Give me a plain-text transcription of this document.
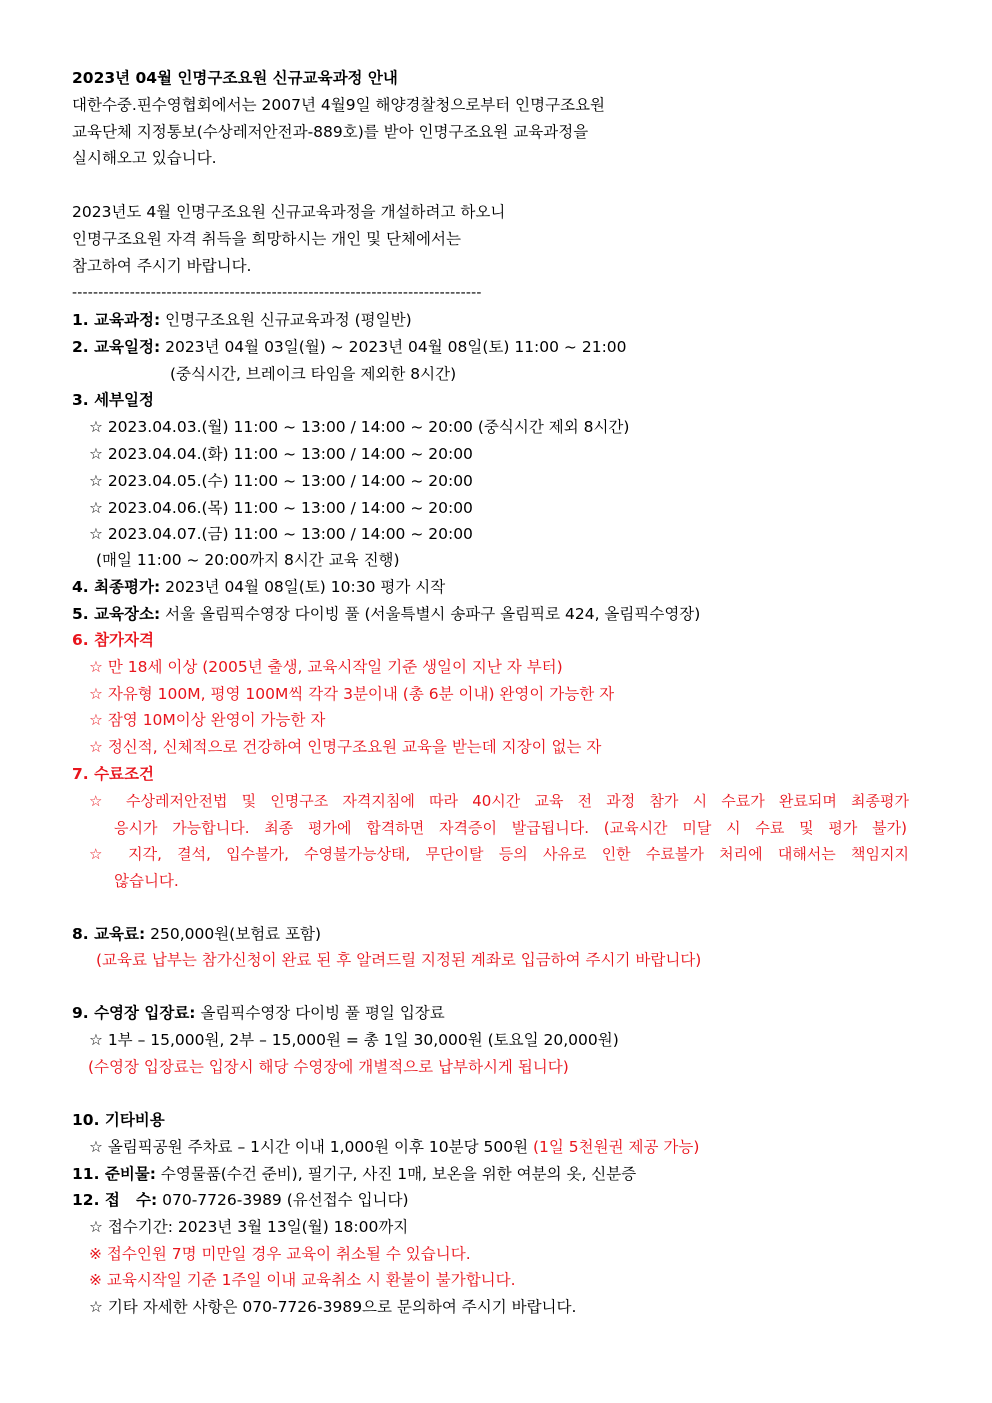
2023년 04월 인명구조요원 신규교육과정 안내
대한수중.핀수영협회에서는 2007년 4월9일 해양경찰청으로부터 인명구조요원
교육단체 지정통보(수상레저안전과-889호)를 받아 인명구조요원 교육과정을
실시해오고 있습니다.
2023년도 4월 인명구조요원 신규교육과정을 개설하려고 하오니
인명구조요원 자격 취득을 희망하시는 개인 및 단체에서는
참고하여 주시기 바랍니다.
------------------------------------------------------------------------------
1. 교육과정: 인명구조요원 신규교육과정 (평일반)
2. 교육일정: 2023년 04월 03일(월) ~ 2023년 04월 08일(토) 11:00 ~ 21:00
(중식시간, 브레이크 타임을 제외한 8시간)
3. 세부일정
☆ 2023.04.03.(월) 11:00 ~ 13:00 / 14:00 ~ 20:00 (중식시간 제외 8시간)
☆ 2023.04.04.(화) 11:00 ~ 13:00 / 14:00 ~ 20:00
☆ 2023.04.05.(수) 11:00 ~ 13:00 / 14:00 ~ 20:00
☆ 2023.04.06.(목) 11:00 ~ 13:00 / 14:00 ~ 20:00
☆ 2023.04.07.(금) 11:00 ~ 13:00 / 14:00 ~ 20:00
(매일 11:00 ~ 20:00까지 8시간 교육 진행)
4. 최종평가: 2023년 04월 08일(토) 10:30 평가 시작
5. 교육장소: 서울 올림픽수영장 다이빙 풀 (서울특별시 송파구 올림픽로 424, 올림픽수영장)
6. 참가자격
☆ 만 18세 이상 (2005년 출생, 교육시작일 기준 생일이 지난 자 부터)
☆ 자유형 100M, 평영 100M씩 각각 3분이내 (총 6분 이내) 완영이 가능한 자
☆ 잠영 10M이상 완영이 가능한 자
☆ 정신적, 신체적으로 건강하여 인명구조요원 교육을 받는데 지장이 없는 자
7. 수료조건
☆ 수상레저안전법 및 인명구조 자격지침에 따라 40시간 교육 전 과정 참가 시 수료가 완료되며 최종평가
응시가 가능합니다. 최종 평가에 합격하면 자격증이 발급됩니다. (교육시간 미달 시 수료 및 평가 불가)
☆ 지각, 결석, 입수불가, 수영불가능상태, 무단이탈 등의 사유로 인한 수료불가 처리에 대해서는 책임지지
않습니다.
8. 교육료: 250,000원(보험료 포함)
(교육료 납부는 참가신청이 완료 된 후 알려드릴 지정된 계좌로 입금하여 주시기 바랍니다)
9. 수영장 입장료: 올림픽수영장 다이빙 풀 평일 입장료
☆ 1부 – 15,000원, 2부 – 15,000원 = 총 1일 30,000원 (토요일 20,000원)
(수영장 입장료는 입장시 해당 수영장에 개별적으로 납부하시게 됩니다)
10. 기타비용
☆ 올림픽공원 주차료 – 1시간 이내 1,000원 이후 10분당 500원 (1일 5천원권 제공 가능)
11. 준비물: 수영물품(수건 준비), 필기구, 사진 1매, 보온을 위한 여분의 옷, 신분증
12. 접   수: 070-7726-3989 (유선접수 입니다)
☆ 접수기간: 2023년 3월 13일(월) 18:00까지
※ 접수인원 7명 미만일 경우 교육이 취소될 수 있습니다.
※ 교육시작일 기준 1주일 이내 교육취소 시 환불이 불가합니다.
☆ 기타 자세한 사항은 070-7726-3989으로 문의하여 주시기 바랍니다.
